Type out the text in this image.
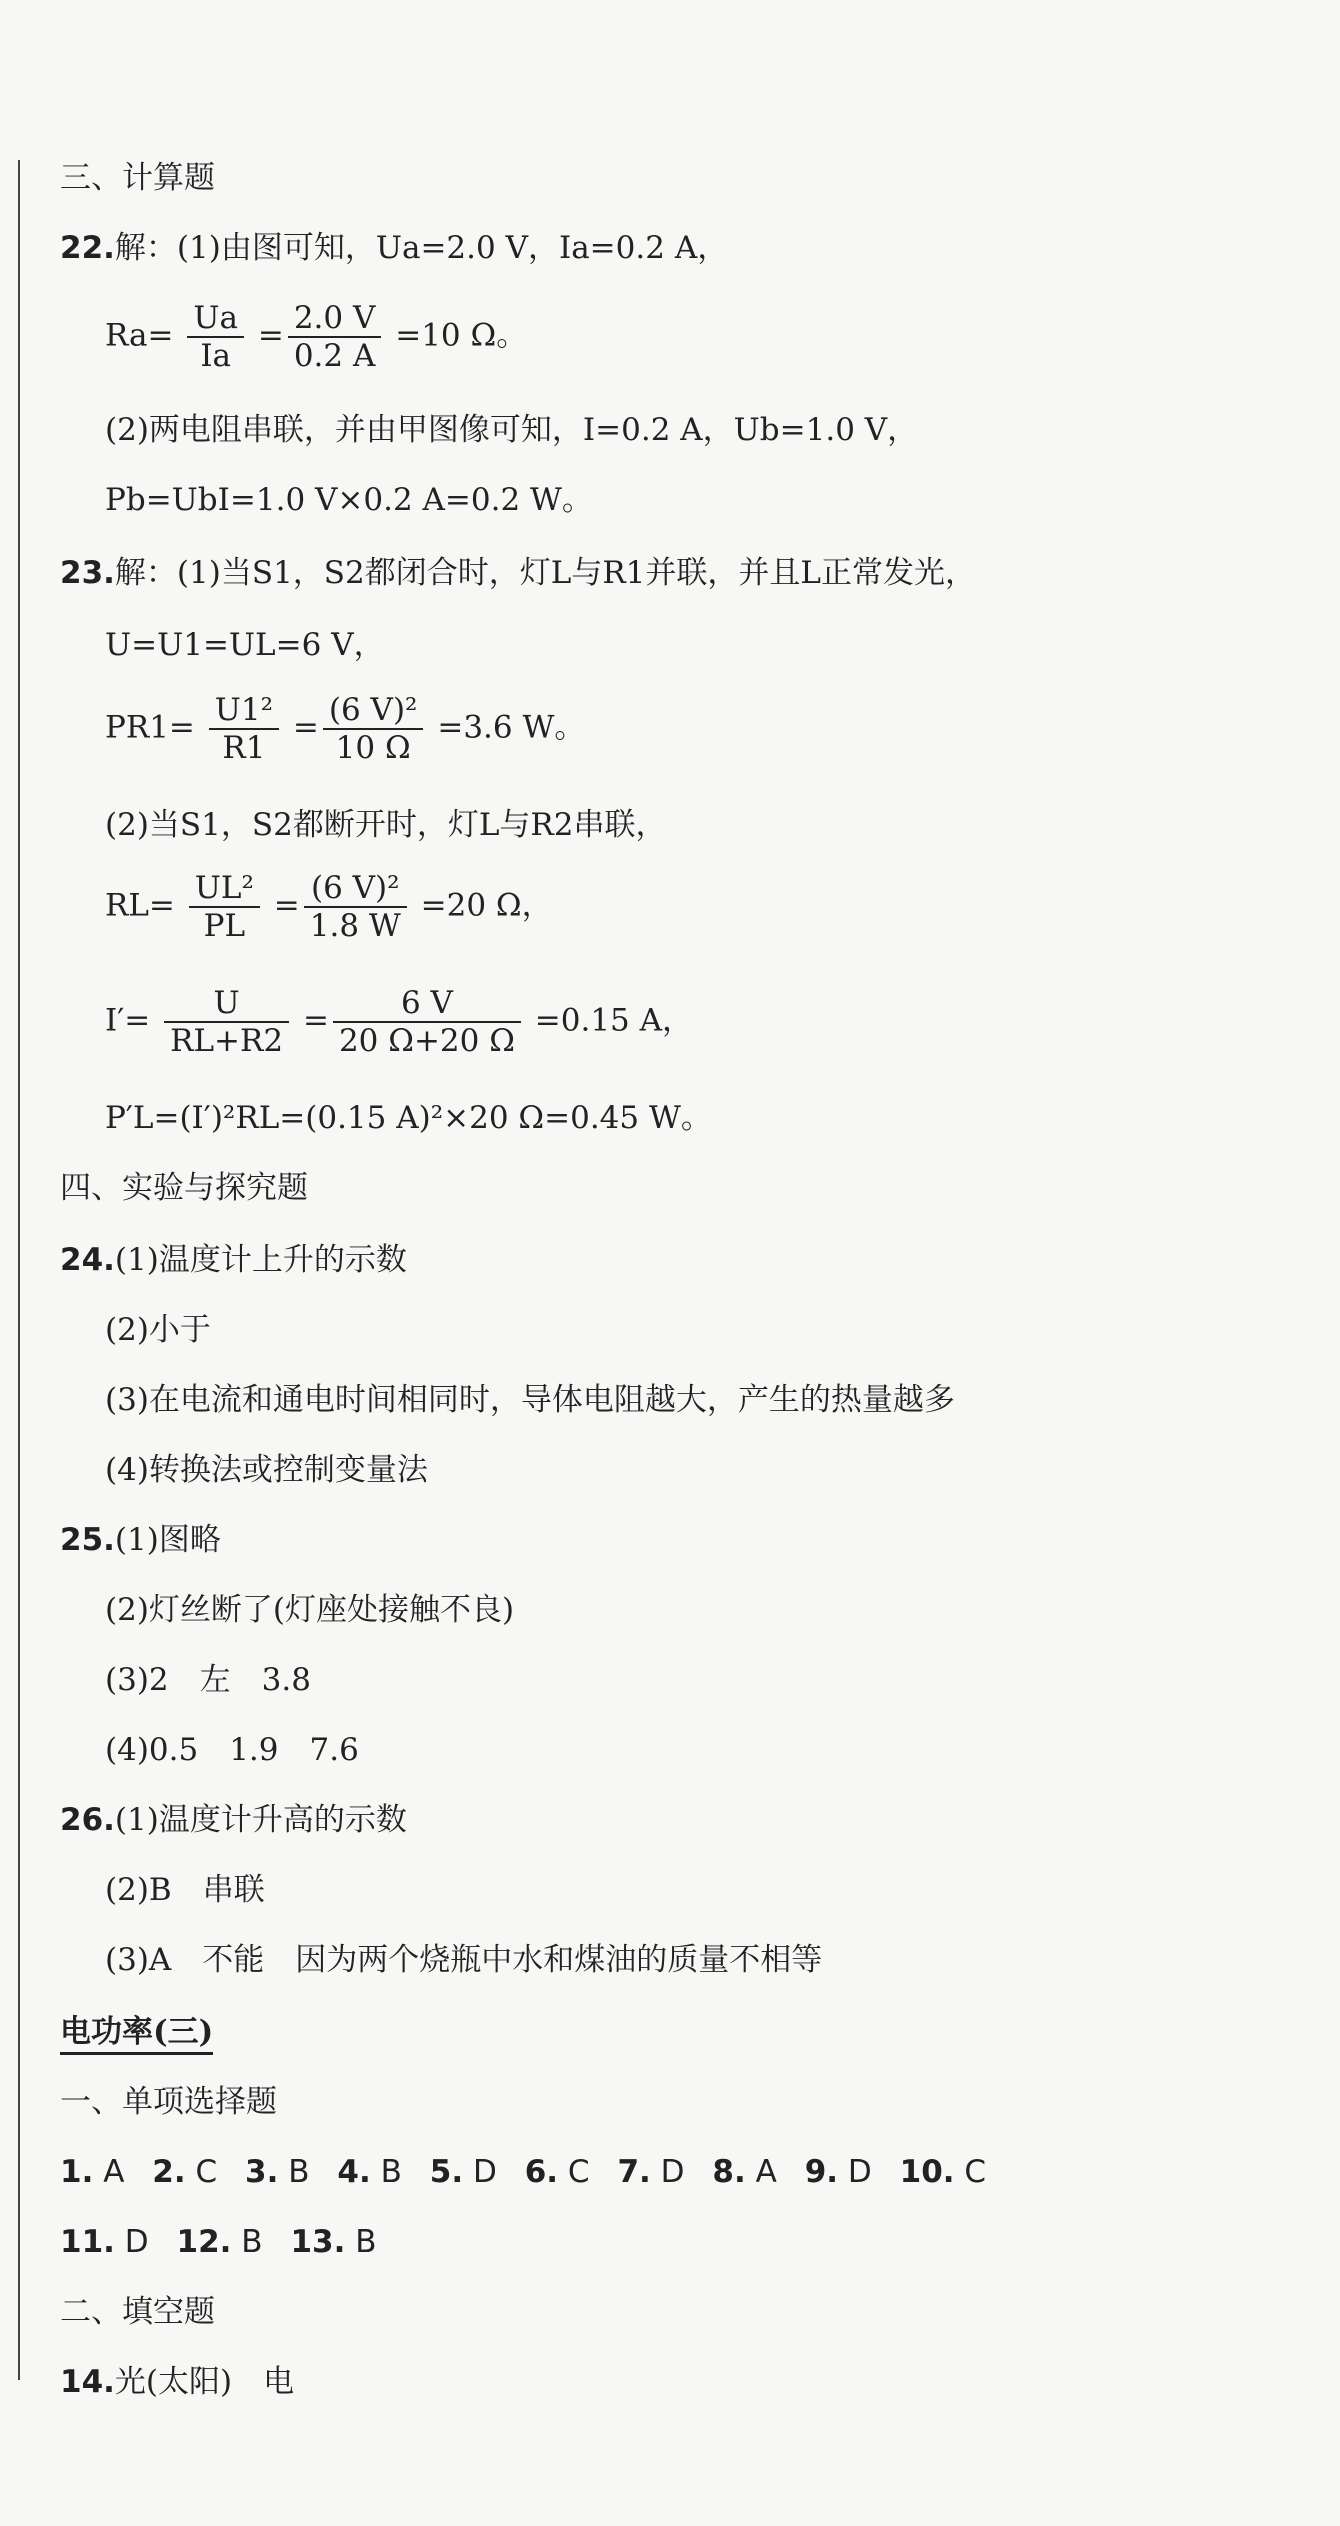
三、计算题
22.解：(1)由图可知，Ua=2.0 V，Ia=0.2 A，
$Ra= \frac{Ua}{Ia} = \frac{2.0 V}{0.2 A} =10$ Ω。
(2)两电阻串联，并由甲图像可知，I=0.2 A，Ub=1.0 V，
Pb=UbI=1.0 V×0.2 A=0.2 W。
23.解：(1)当S1，S2都闭合时，灯L与R1并联，并且L正常发光，
U=U1=UL=6 V，
$PR1= \frac{\text{U1²}}{R1} = \frac{\text{(6 V)²}}{10 \Omega} =3.6$ W。
(2)当S1，S2都断开时，灯L与R2串联，
$RL= \frac{\text{UL²}}{PL} = \frac{\text{(6 V)²}}{1.8 W} =20$ Ω，
$I'= \frac{U}{RL+R2} = \frac{6 V}{20 \Omega+20 \Omega} =0.15$ A，
P′L=(I′)²RL=(0.15 A)²×20 Ω=0.45 W。
四、实验与探究题
24.(1)温度计上升的示数
(2)小于
(3)在电流和通电时间相同时，导体电阻越大，产生的热量越多
(4)转换法或控制变量法
25.(1)图略
(2)灯丝断了(灯座处接触不良)
(3)2　左　3.8
(4)0.5　1.9　7.6
26.(1)温度计升高的示数
(2)B　串联
(3)A　不能　因为两个烧瓶中水和煤油的质量不相等
电功率(三)
一、单项选择题
1. A 2. C 3. B 4. B 5. D 6. C 7. D 8. A 9. D 10. C
11. D 12. B 13. B
二、填空题
14.光(太阳)　电
